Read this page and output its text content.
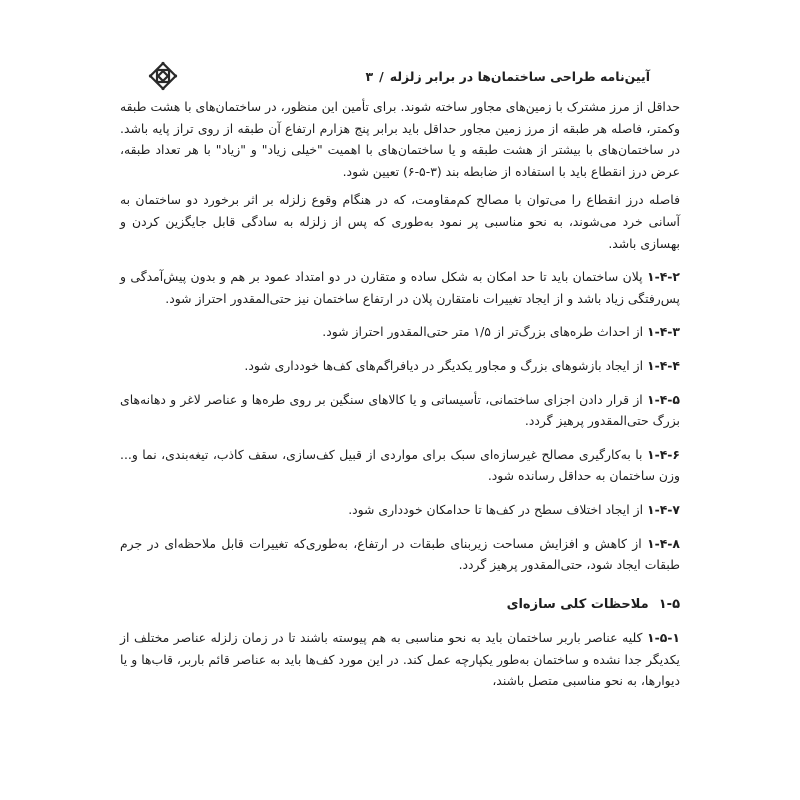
آیین‌نامه طراحی ساختمان‌ها در برابر زلزله
/
۳

حداقل از مرز مشترک با زمین‌های مجاور ساخته شوند. برای تأمین این منظور، در ساختمان‌های با هشت طبقه وکمتر، فاصله هر طبقه از مرز زمین مجاور حداقل باید برابر پنج هزارم ارتفاع آن طبقه از روی تراز پایه باشد. در ساختمان‌های با بیشتر از هشت طبقه و یا ساختمان‌های با اهمیت "خیلی زیاد" و "زیاد" با هر تعداد طبقه، عرض درز انقطاع باید با استفاده از ضابطه بند (۳-۵-۶) تعیین شود.

فاصله درز انقطاع را می‌توان با مصالح کم‌مقاومت، که در هنگام وقوع زلزله بر اثر برخورد دو ساختمان به آسانی خرد می‌شوند، به نحو مناسبی پر نمود به‌طوری که پس از زلزله به سادگی قابل جایگزین کردن و بهسازی باشد.

۱-۴-۲ پلان ساختمان باید تا حد امکان به شکل ساده و متقارن در دو امتداد عمود بر هم و بدون پیش‌آمدگی و پس‌رفتگی زیاد باشد و از ایجاد تغییرات نامتقارن پلان در ارتفاع ساختمان نیز حتی‌المقدور احتراز شود.

۱-۴-۳ از احداث طره‌های بزرگ‌تر از ۱/۵ متر حتی‌المقدور احتراز شود.

۱-۴-۴ از ایجاد بازشوهای بزرگ و مجاور یکدیگر در دیافراگم‌های کف‌ها خودداری شود.

۱-۴-۵ از قرار دادن اجزای ساختمانی، تأسیساتی و یا کالاهای سنگین بر روی طره‌ها و عناصر لاغر و دهانه‌های بزرگ حتی‌المقدور پرهیز گردد.

۱-۴-۶ با به‌کارگیری مصالح غیرسازه‌ای سبک برای مواردی از قبیل کف‌سازی، سقف کاذب، تیغه‌بندی، نما و... وزن ساختمان به حداقل رسانده شود.

۱-۴-۷ از ایجاد اختلاف سطح در کف‌ها تا حدامکان خودداری شود.

۱-۴-۸ از کاهش و افزایش مساحت زیربنای طبقات در ارتفاع، به‌طوری‌که تغییرات قابل ملاحظه‌ای در جرم طبقات ایجاد شود، حتی‌المقدور پرهیز گردد.

۱-۵ملاحظات کلی سازه‌ای

۱-۵-۱ کلیه عناصر باربر ساختمان باید به نحو مناسبی به هم پیوسته باشند تا در زمان زلزله عناصر مختلف از یکدیگر جدا نشده و ساختمان به‌طور یکپارچه عمل کند. در این مورد کف‌ها باید به عناصر قائم باربر، قاب‌ها و یا دیوارها، به نحو مناسبی متصل باشند،
